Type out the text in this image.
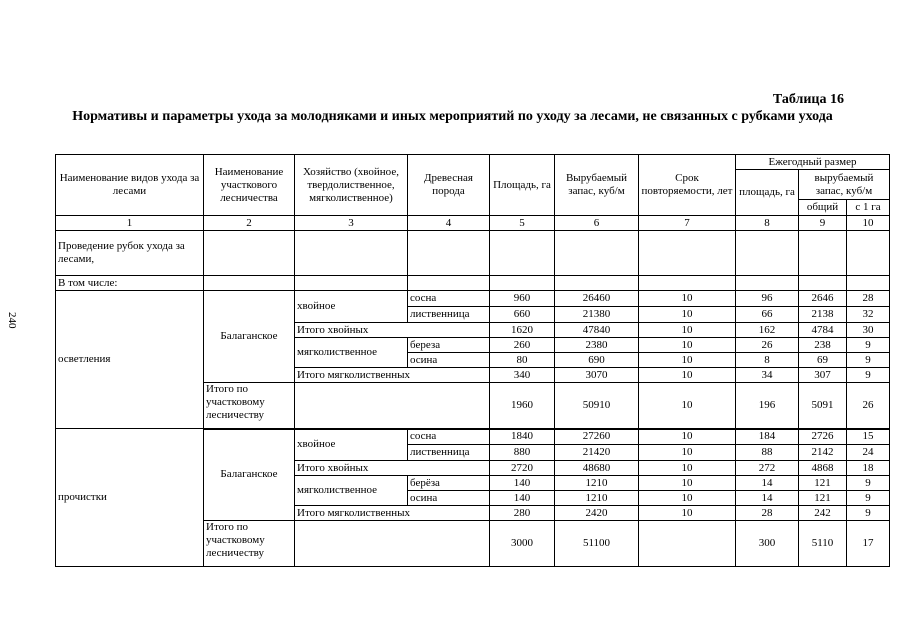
240
Таблица 16
Нормативы и параметры ухода за молодняками и иных мероприятий по уходу за лесами, не связанных с рубками ухода
Наименование видов ухода за лесами	Наименование участкового лесничества	Хозяйство (хвойное, твердолиственное, мягколиственное)	Древесная порода	Площадь, га	Вырубаемый запас, куб/м	Срок повторяемости, лет	Ежегодный размер		
							площадь, га	вырубаемый запас, куб/м	
								общий	с 1 га
1	2	3	4	5	6	7	8	9	10
Проведение рубок ухода за лесами,									
В том числе:									
осветления	Балаганское	хвойное	сосна	960	26460	10	96	2646	28
			лиственница	660	21380	10	66	2138	32
		Итого хвойных		1620	47840	10	162	4784	30
		мягколиственное	береза	260	2380	10	26	238	9
			осина	80	690	10	8	69	9
		Итого мягколиственных		340	3070	10	34	307	9
	Итого по участковому лесничеству			1960	50910	10	196	5091	26
прочистки	Балаганское	хвойное	сосна	1840	27260	10	184	2726	15
			лиственница	880	21420	10	88	2142	24
		Итого хвойных		2720	48680	10	272	4868	18
		мягколиственное	берёза	140	1210	10	14	121	9
			осина	140	1210	10	14	121	9
		Итого мягколиственных		280	2420	10	28	242	9
	Итого по участковому лесничеству			3000	51100		300	5110	17
